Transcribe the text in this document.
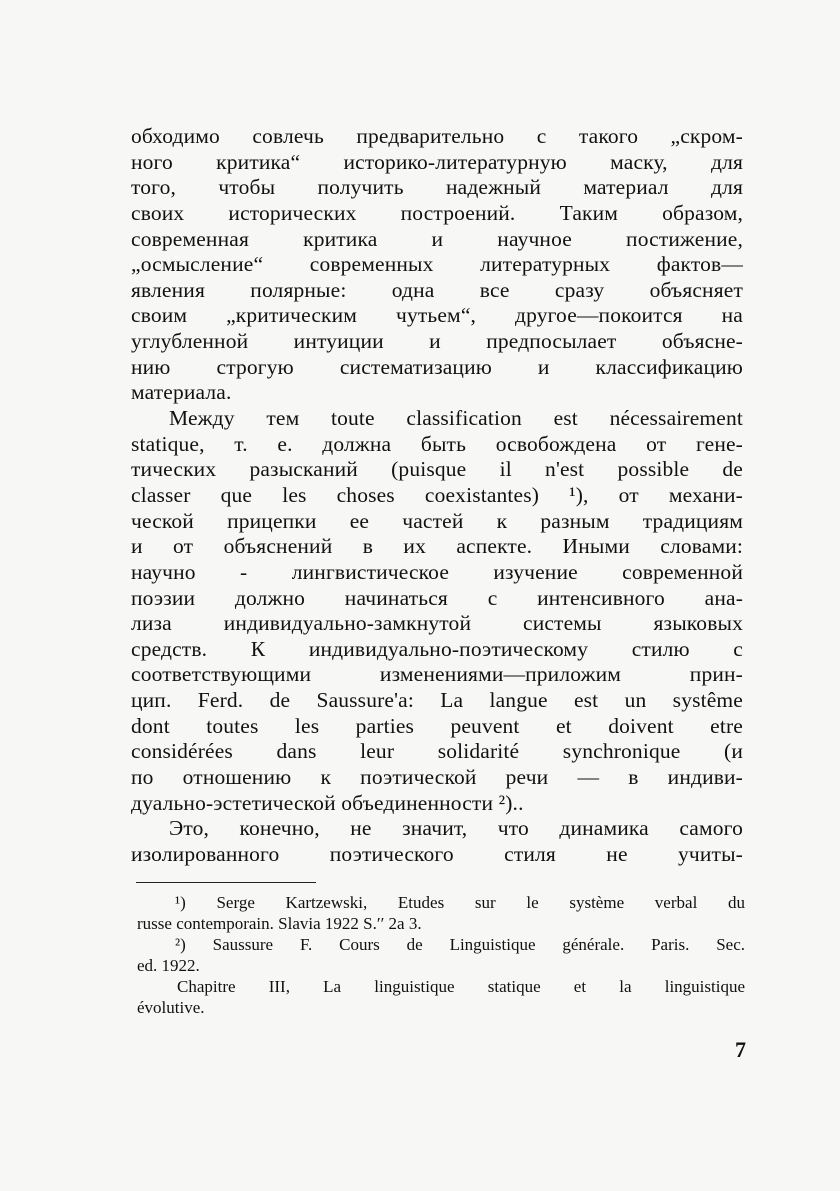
обходимо совлечь предварительно с такого „скром-
ного критика“ историко-литературную маску, для
того, чтобы получить надежный материал для
своих исторических построений. Таким образом,
современная критика и научное постижение,
„осмысление“ современных литературных фактов—
явления полярные: одна все сразу объясняет
своим „критическим чутьем“, другое—покоится на
углубленной интуиции и предпосылает объясне-
нию строгую систематизацию и классификацию
материала.
Между тем toute classification est nécessairement
statique, т. е. должна быть освобождена от гене-
тических разысканий (puisque il n'est possible de
classer que les choses coexistantes) ¹), от механи-
ческой прицепки ее частей к разным традициям
и от объяснений в их аспекте. Иными словами:
научно - лингвистическое изучение современной
поэзии должно начинаться с интенсивного ана-
лиза индивидуально-замкнутой системы языковых
средств. К индивидуально-поэтическому стилю с
соответствующими изменениями—приложим прин-
цип. Ferd. de Saussure'a: La langue est un systême
dont toutes les parties peuvent et doivent etre
considérées dans leur solidarité synchronique (и
по отношению к поэтической речи — в индиви-
дуально-эстетической объединенности ²)..
Это, конечно, не значит, что динамика самого
изолированного поэтического стиля не учиты-
¹) Serge Kartzewski, Etudes sur le système verbal du
russe contemporain. Slavia 1922 S.′′ 2a 3.
²) Saussure F. Cours de Linguistique générale. Paris. Sec.
ed. 1922.
Chapitre III, La linguistique statique et la linguistique
évolutive.
7
